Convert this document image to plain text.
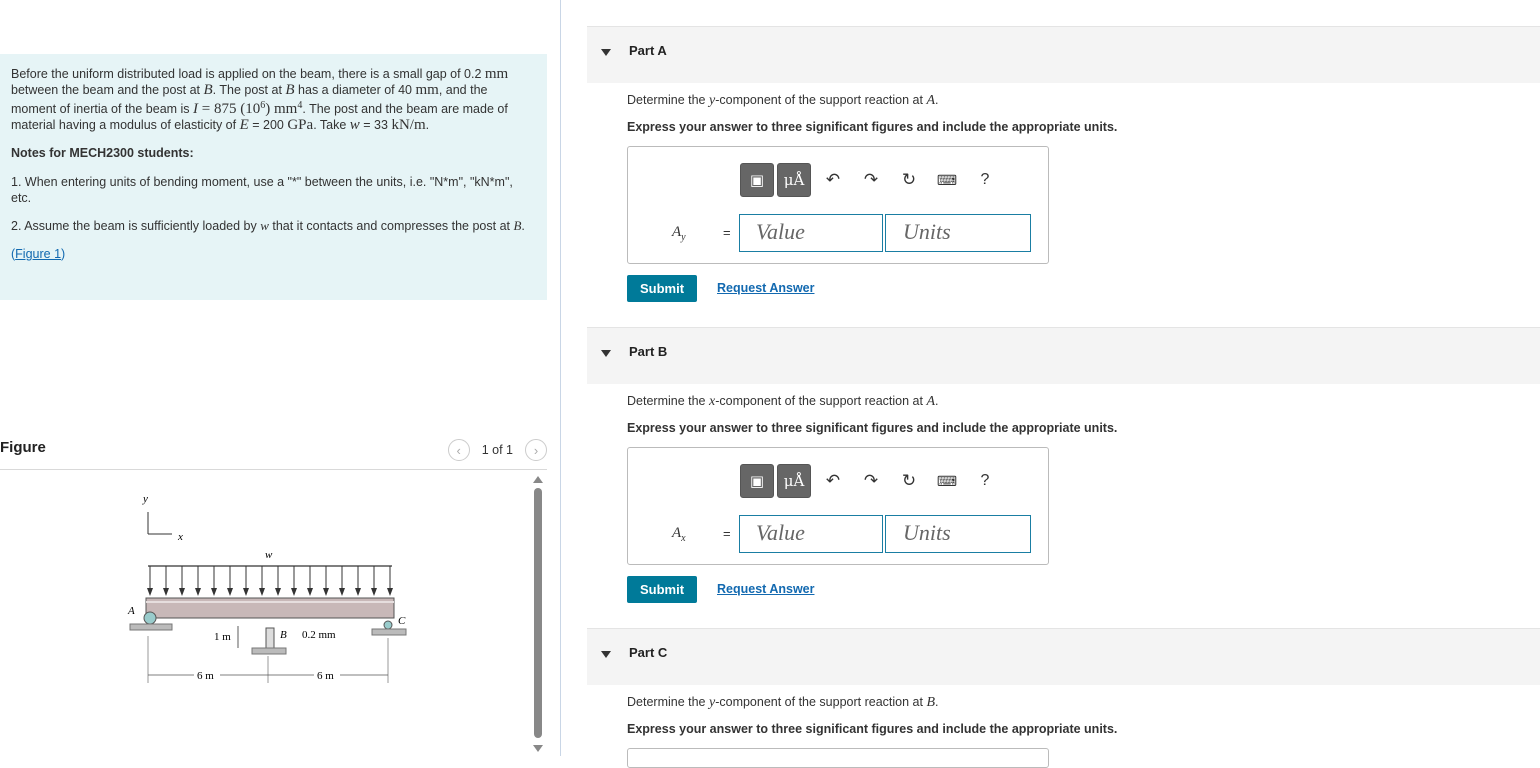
Before the uniform distributed load is applied on the beam, there is a small gap of 0.2 mm between the beam and the post at B. The post at B has a diameter of 40 mm, and the moment of inertia of the beam is I = 875 $(10^6)$ $mm^4$. The post and the beam are made of material having a modulus of elasticity of E = 200 GPa. Take w = 33 kN/m.

Notes for MECH2300 students:

1. When entering units of bending moment, use a "*" between the units, i.e. "N*m", "kN*m", etc.

2. Assume the beam is sufficiently loaded by w that it contacts and compresses the post at B.

(Figure 1)

Figure	‹	1 of 1	›
y
x
w
A
B 0.2 mm
1 m
C
6 m	6 m
Part A
Determine the y-component of the support reaction at A.
Express your answer to three significant figures and include the appropriate units.
▣	μÅ	↶	↷	↻	⌨	?
$A_y$	=	Value	Units
Submit	Request Answer
Part B
Determine the x-component of the support reaction at A.
Express your answer to three significant figures and include the appropriate units.
▣	μÅ	↶	↷	↻	⌨	?
$A_x$	=	Value	Units
Submit	Request Answer
Part C
Determine the y-component of the support reaction at B.
Express your answer to three significant figures and include the appropriate units.
